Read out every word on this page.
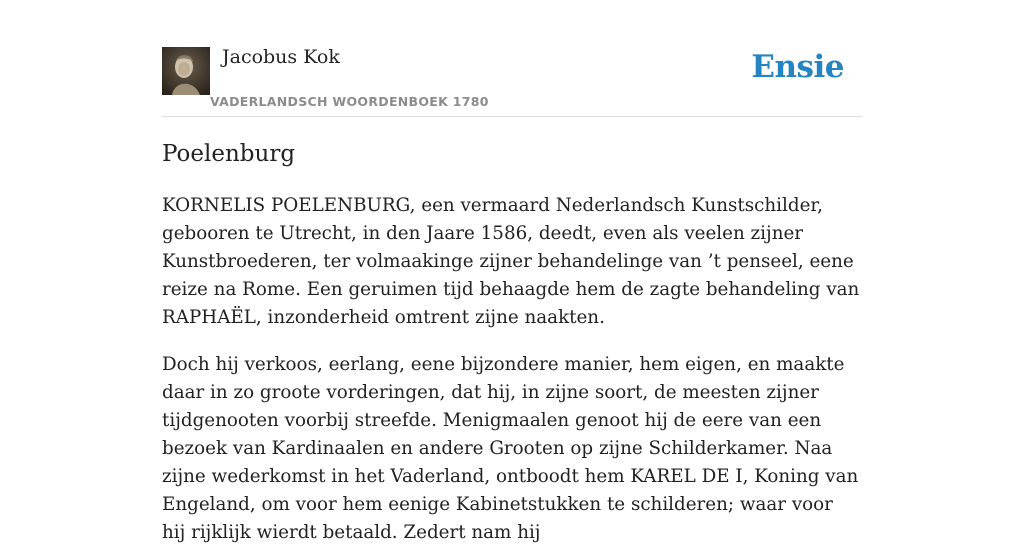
Jacobus Kok
VADERLANDSCH WOORDENBOEK 1780
Ensie
Poelenburg

KORNELIS POELENBURG, een vermaard Nederlandsch Kunstschilder, gebooren te Utrecht, in den Jaare 1586, deedt, even als veelen zijner Kunstbroederen, ter volmaakinge zijner behandelinge van ’t penseel, eene reize na Rome. Een geruimen tijd behaagde hem de zagte behandeling van RAPHAËL, inzonderheid omtrent zijne naakten.

Doch hij verkoos, eerlang, eene bijzondere manier, hem eigen, en maakte daar in zo groote vorderingen, dat hij, in zijne soort, de meesten zijner tijdgenooten voorbij streefde. Menigmaalen genoot hij de eere van een bezoek van Kardinaalen en andere Grooten op zijne Schilderkamer. Naa zijne wederkomst in het Vaderland, ontboodt hem KAREL DE I, Koning van Engeland, om voor hem eenige Kabinetstukken te schilderen; waar voor hij rijklijk wierdt betaald. Zedert nam hij
